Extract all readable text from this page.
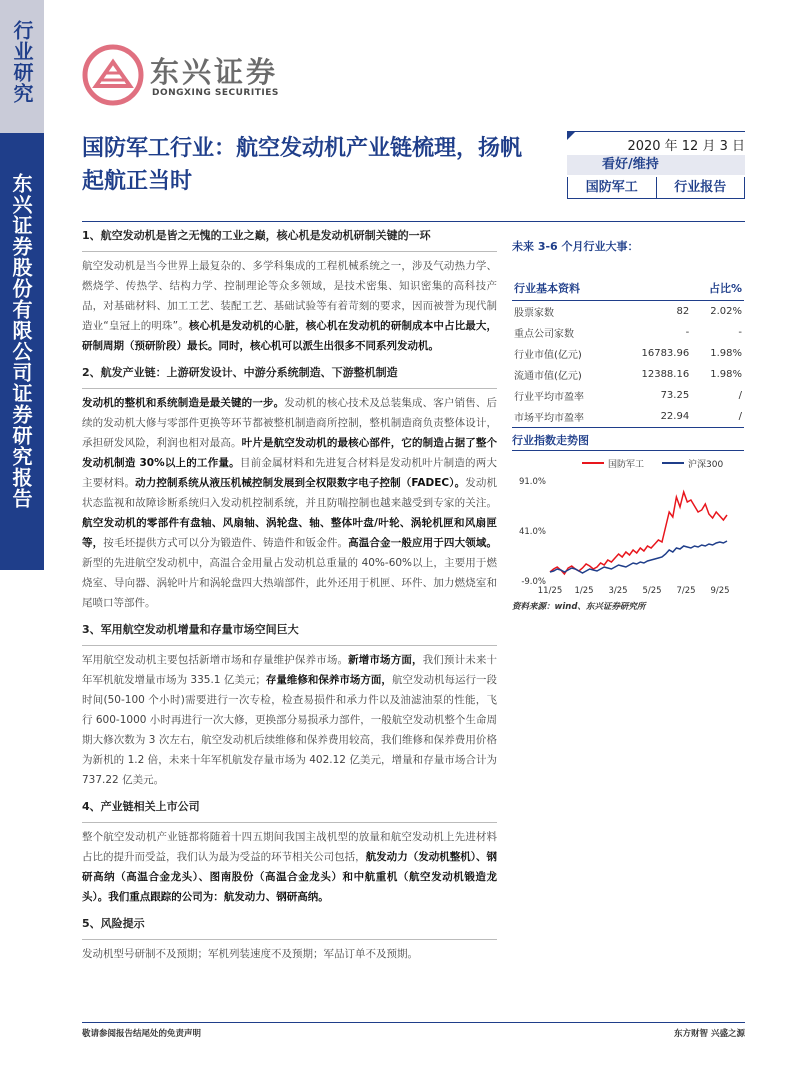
行业研究
东兴证券股份有限公司证券研究报告
东兴证券
DONGXING SECURITIES
国防军工行业：航空发动机产业链梳理，扬帆起航正当时
2020 年 12 月 3 日
看好/维持
国防军工	行业报告
1、航空发动机是皆之无愧的工业之巅，核心机是发动机研制关键的一环
航空发动机是当今世界上最复杂的、多学科集成的工程机械系统之一，涉及气动热力学、燃烧学、传热学、结构力学、控制理论等众多领域，是技术密集、知识密集的高科技产品，对基础材料、加工工艺、装配工艺、基础试验等有着苛刻的要求，因而被誉为现代制造业“皇冠上的明珠”。核心机是发动机的心脏，核心机在发动机的研制成本中占比最大，研制周期（预研阶段）最长。同时，核心机可以派生出很多不同系列发动机。
2、航发产业链：上游研发设计、中游分系统制造、下游整机制造
发动机的整机和系统制造是最关键的一步。发动机的核心技术及总装集成、客户销售、后续的发动机大修与零部件更换等环节都被整机制造商所控制，整机制造商负责整体设计，承担研发风险，利润也相对最高。叶片是航空发动机的最核心部件，它的制造占据了整个发动机制造 30%以上的工作量。目前金属材料和先进复合材料是发动机叶片制造的两大主要材料。动力控制系统从液压机械控制发展到全权限数字电子控制（FADEC）。发动机状态监视和故障诊断系统归入发动机控制系统，并且防喘控制也越来越受到专家的关注。航空发动机的零部件有盘轴、风扇轴、涡轮盘、轴、整体叶盘/叶轮、涡轮机匣和风扇匣等，按毛坯提供方式可以分为锻造件、铸造件和钣金件。高温合金一般应用于四大领域。新型的先进航空发动机中，高温合金用量占发动机总重量的 40%-60%以上，主要用于燃烧室、导向器、涡轮叶片和涡轮盘四大热端部件，此外还用于机匣、环件、加力燃烧室和尾喷口等部件。
3、军用航空发动机增量和存量市场空间巨大
军用航空发动机主要包括新增市场和存量维护保养市场。新增市场方面，我们预计未来十年军机航发增量市场为 335.1 亿美元；存量维修和保养市场方面，航空发动机每运行一段时间(50-100 个小时)需要进行一次专检，检查易损件和承力件以及油滤油泵的性能，飞行 600-1000 小时再进行一次大修，更换部分易损承力部件，一般航空发动机整个生命周期大修次数为 3 次左右，航空发动机后续维修和保养费用较高，我们维修和保养费用价格为新机的 1.2 倍，未来十年军机航发存量市场为 402.12 亿美元，增量和存量市场合计为 737.22 亿美元。
4、产业链相关上市公司
整个航空发动机产业链都将随着十四五期间我国主战机型的放量和航空发动机上先进材料占比的提升而受益，我们认为最为受益的环节相关公司包括，航发动力（发动机整机）、钢研高纳（高温合金龙头）、图南股份（高温合金龙头）和中航重机（航空发动机锻造龙头）。我们重点跟踪的公司为：航发动力、钢研高纳。
5、风险提示
发动机型号研制不及预期；军机列装速度不及预期；军品订单不及预期。
未来 3-6 个月行业大事：
行业基本资料		占比%
股票家数	82	2.02%
重点公司家数	-	-
行业市值(亿元)	16783.96	1.98%
流通市值(亿元)	12388.16	1.98%
行业平均市盈率	73.25	/
市场平均市盈率	22.94	/
行业指数走势图
国防军工	沪深300
91.0%
41.0%
-9.0%
11/25 1/25 3/25 5/25 7/25 9/25
资料来源：wind、东兴证券研究所
敬请参阅报告结尾处的免责声明	东方财智 兴盛之源
